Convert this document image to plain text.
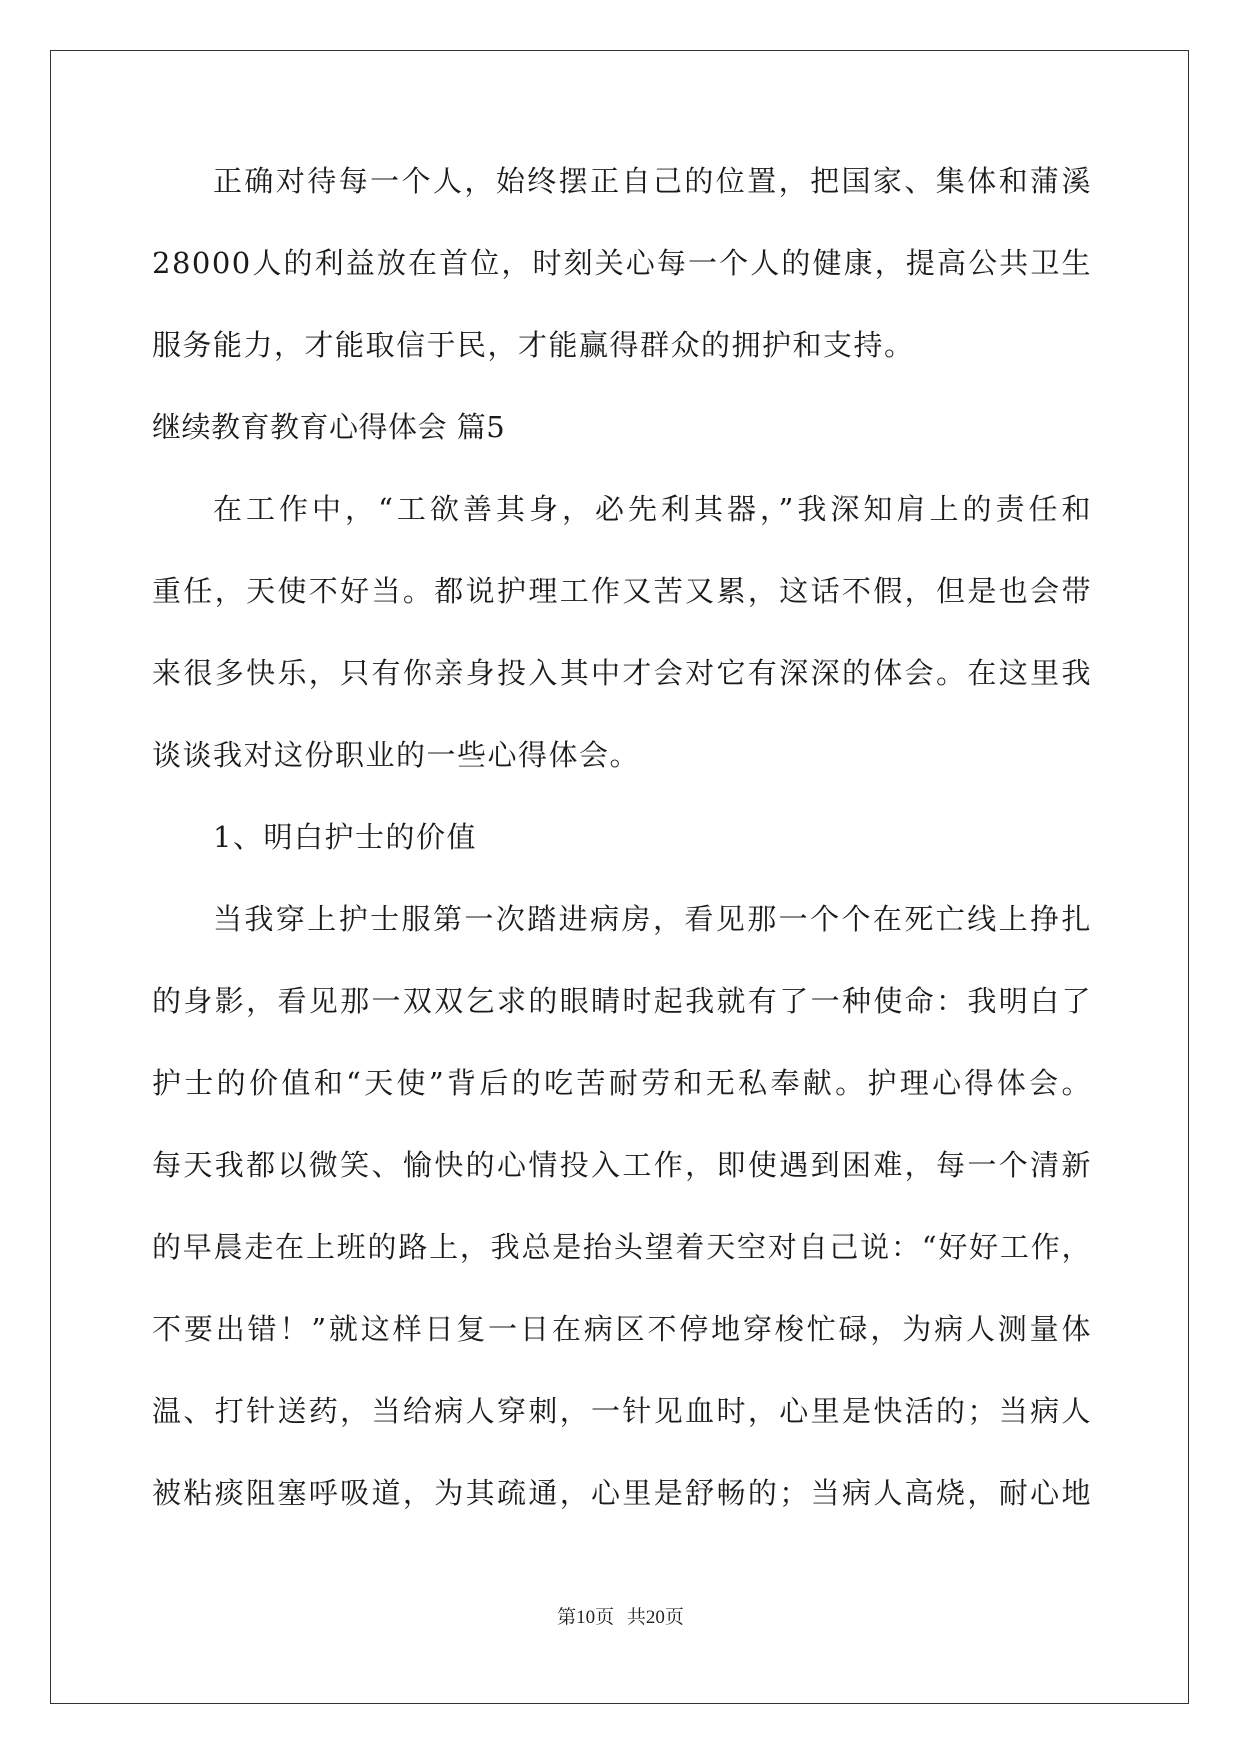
正确对待每一个人，始终摆正自己的位置，把国家、集体和蒲溪
28000人的利益放在首位，时刻关心每一个人的健康，提高公共卫生
服务能力，才能取信于民，才能赢得群众的拥护和支持。
继续教育教育心得体会 篇5
在工作中，“工欲善其身，必先利其器，”我深知肩上的责任和
重任，天使不好当。都说护理工作又苦又累，这话不假，但是也会带
来很多快乐，只有你亲身投入其中才会对它有深深的体会。在这里我
谈谈我对这份职业的一些心得体会。
1、明白护士的价值
当我穿上护士服第一次踏进病房，看见那一个个在死亡线上挣扎
的身影，看见那一双双乞求的眼睛时起我就有了一种使命：我明白了
护士的价值和“天使”背后的吃苦耐劳和无私奉献。护理心得体会。
每天我都以微笑、愉快的心情投入工作，即使遇到困难，每一个清新
的早晨走在上班的路上，我总是抬头望着天空对自己说：“好好工作，
不要出错！”就这样日复一日在病区不停地穿梭忙碌，为病人测量体
温、打针送药，当给病人穿刺，一针见血时，心里是快活的；当病人
被粘痰阻塞呼吸道，为其疏通，心里是舒畅的；当病人高烧，耐心地
第10页 共20页
